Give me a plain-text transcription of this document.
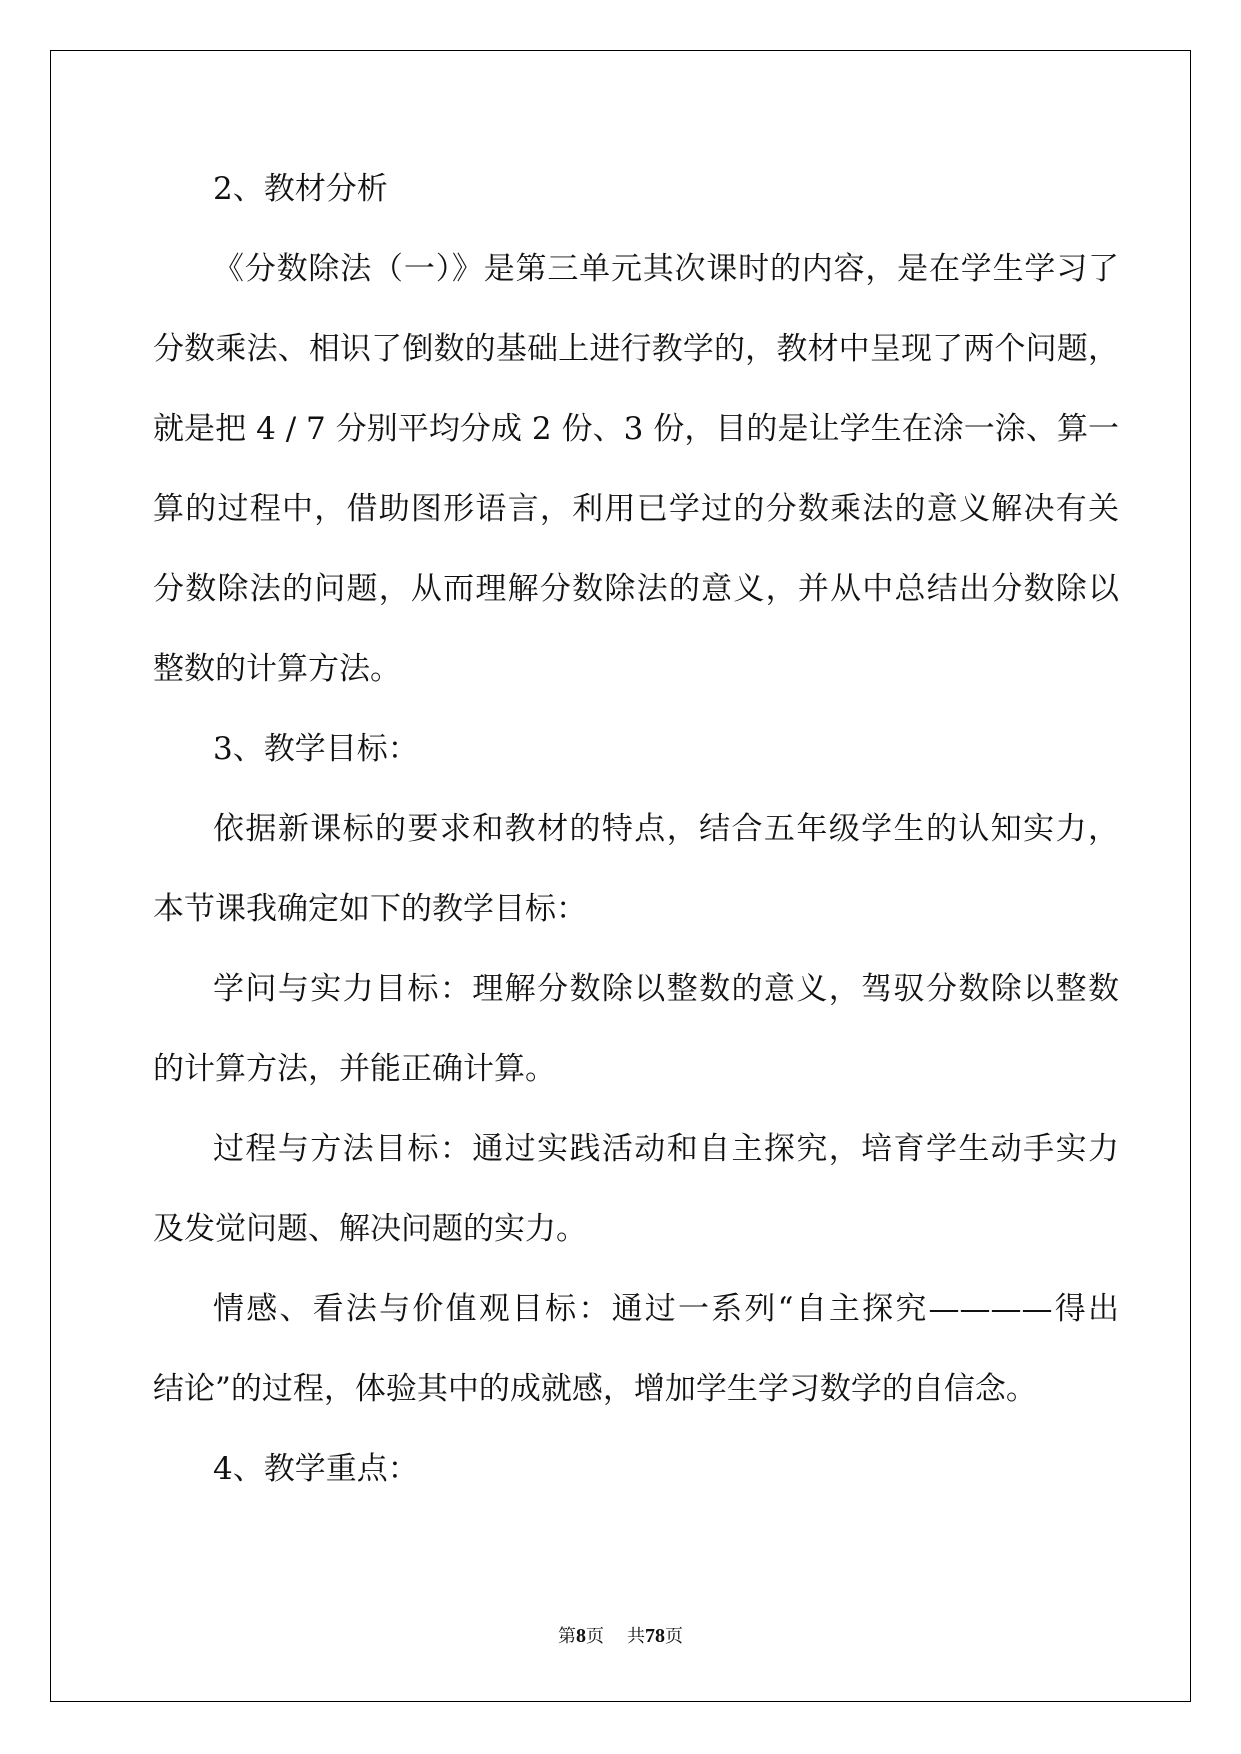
2、教材分析

《分数除法（一）》是第三单元其次课时的内容，是在学生学习了

分数乘法、相识了倒数的基础上进行教学的，教材中呈现了两个问题，

就是把 4 / 7 分别平均分成 2 份、3 份，目的是让学生在涂一涂、算一

算的过程中，借助图形语言，利用已学过的分数乘法的意义解决有关

分数除法的问题，从而理解分数除法的意义，并从中总结出分数除以

整数的计算方法。

3、教学目标：

依据新课标的要求和教材的特点，结合五年级学生的认知实力，

本节课我确定如下的教学目标：

学问与实力目标：理解分数除以整数的意义，驾驭分数除以整数

的计算方法，并能正确计算。

过程与方法目标：通过实践活动和自主探究，培育学生动手实力

及发觉问题、解决问题的实力。

情感、看法与价值观目标：通过一系列“自主探究————得出

结论”的过程，体验其中的成就感，增加学生学习数学的自信念。

4、教学重点：

第8页 共78页
